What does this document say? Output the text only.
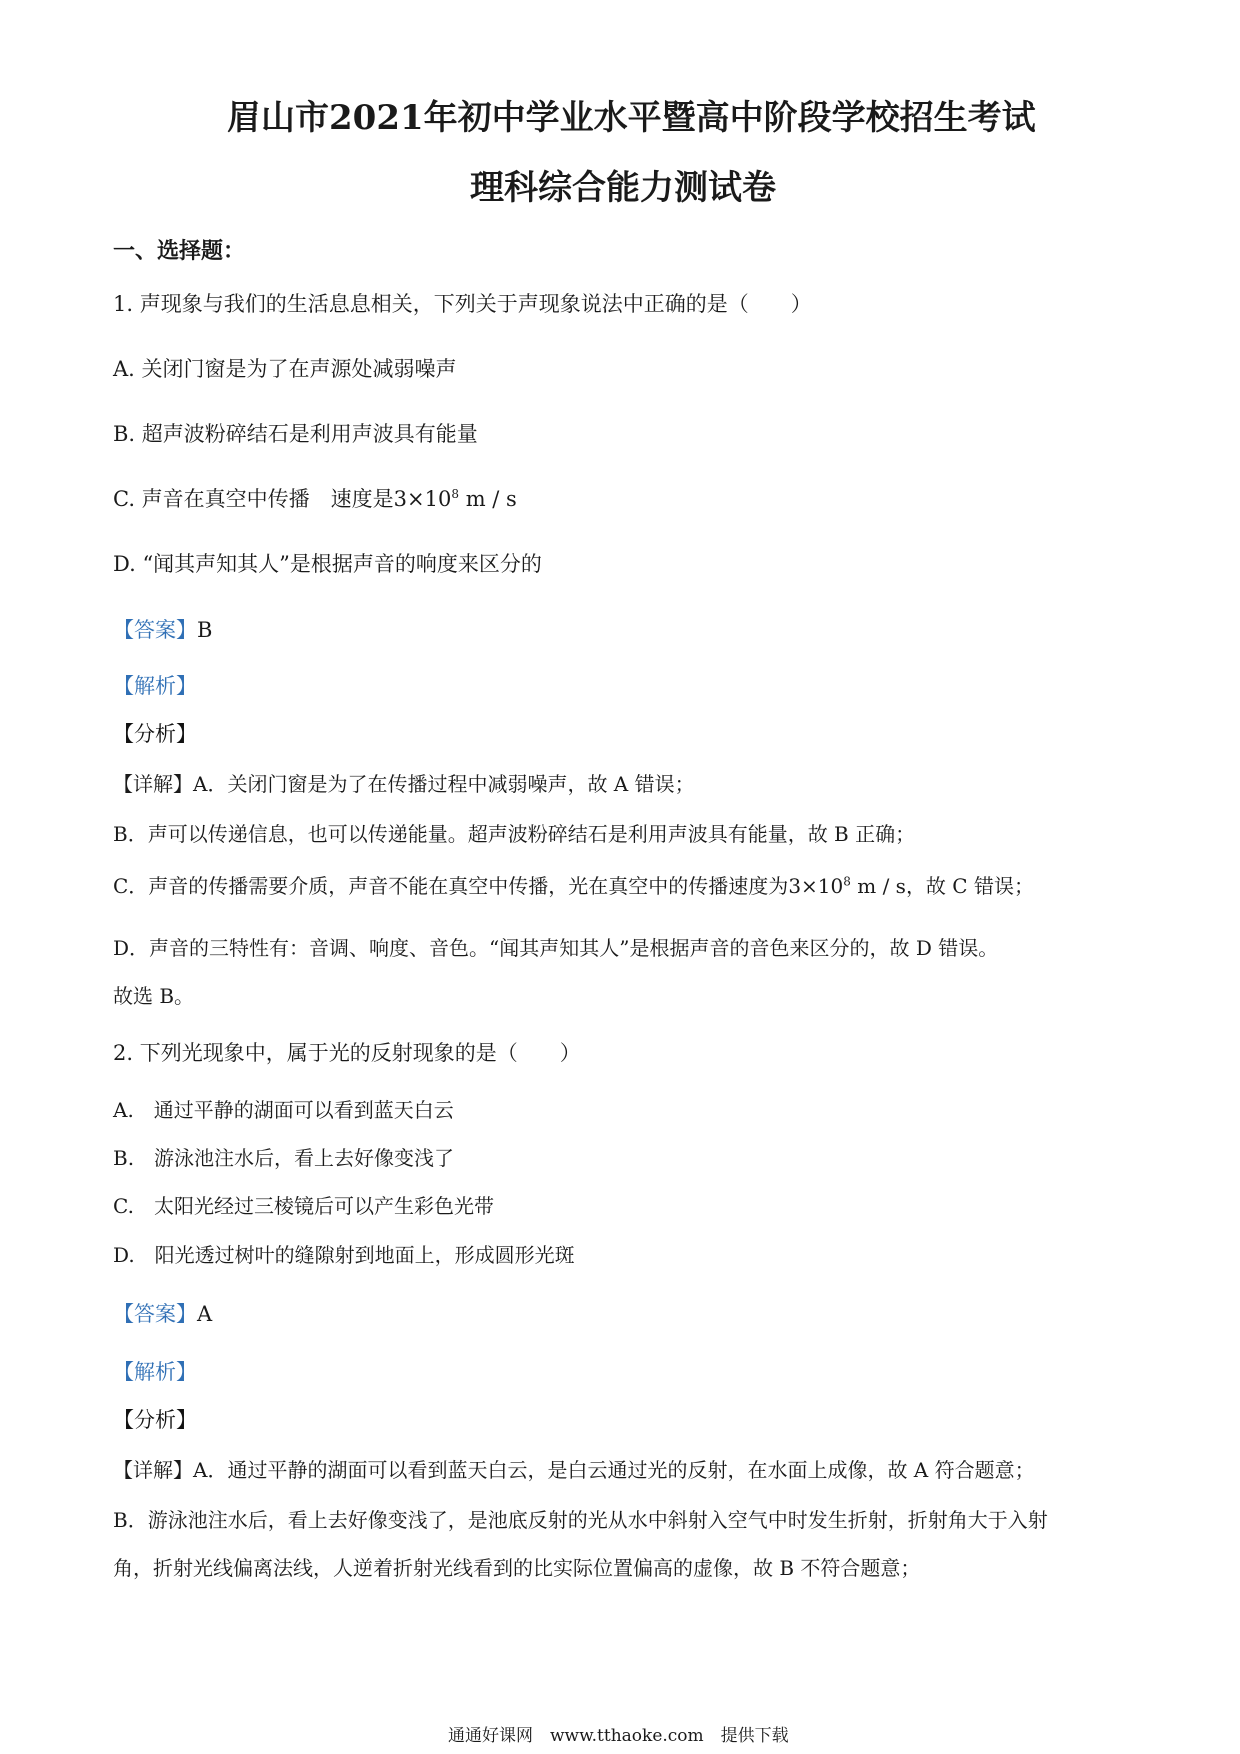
眉山市2021年初中学业水平暨高中阶段学校招生考试
理科综合能力测试卷
一、选择题：
1. 声现象与我们的生活息息相关，下列关于声现象说法中正确的是（　　）
A. 关闭门窗是为了在声源处减弱噪声
B. 超声波粉碎结石是利用声波具有能量
C. 声音在真空中传播　速度是$3\times 10^8$ m / s
D. “闻其声知其人”是根据声音的响度来区分的
【答案】B
【解析】
【分析】
【详解】A．关闭门窗是为了在传播过程中减弱噪声，故 A 错误；
B．声可以传递信息，也可以传递能量。超声波粉碎结石是利用声波具有能量，故 B 正确；
C．声音的传播需要介质，声音不能在真空中传播，光在真空中的传播速度为$3\times 10^8$ m / s，故 C 错误；
D．声音的三特性有：音调、响度、音色。“闻其声知其人”是根据声音的音色来区分的，故 D 错误。
故选 B。
2. 下列光现象中，属于光的反射现象的是（　　）
A.　通过平静的湖面可以看到蓝天白云
B.　游泳池注水后，看上去好像变浅了
C.　太阳光经过三棱镜后可以产生彩色光带
D.　阳光透过树叶的缝隙射到地面上，形成圆形光斑
【答案】A
【解析】
【分析】
【详解】A．通过平静的湖面可以看到蓝天白云，是白云通过光的反射，在水面上成像，故 A 符合题意；
B．游泳池注水后，看上去好像变浅了，是池底反射的光从水中斜射入空气中时发生折射，折射角大于入射
角，折射光线偏离法线，人逆着折射光线看到的比实际位置偏高的虚像，故 B 不符合题意；
通通好课网　www.tthaoke.com　提供下载
